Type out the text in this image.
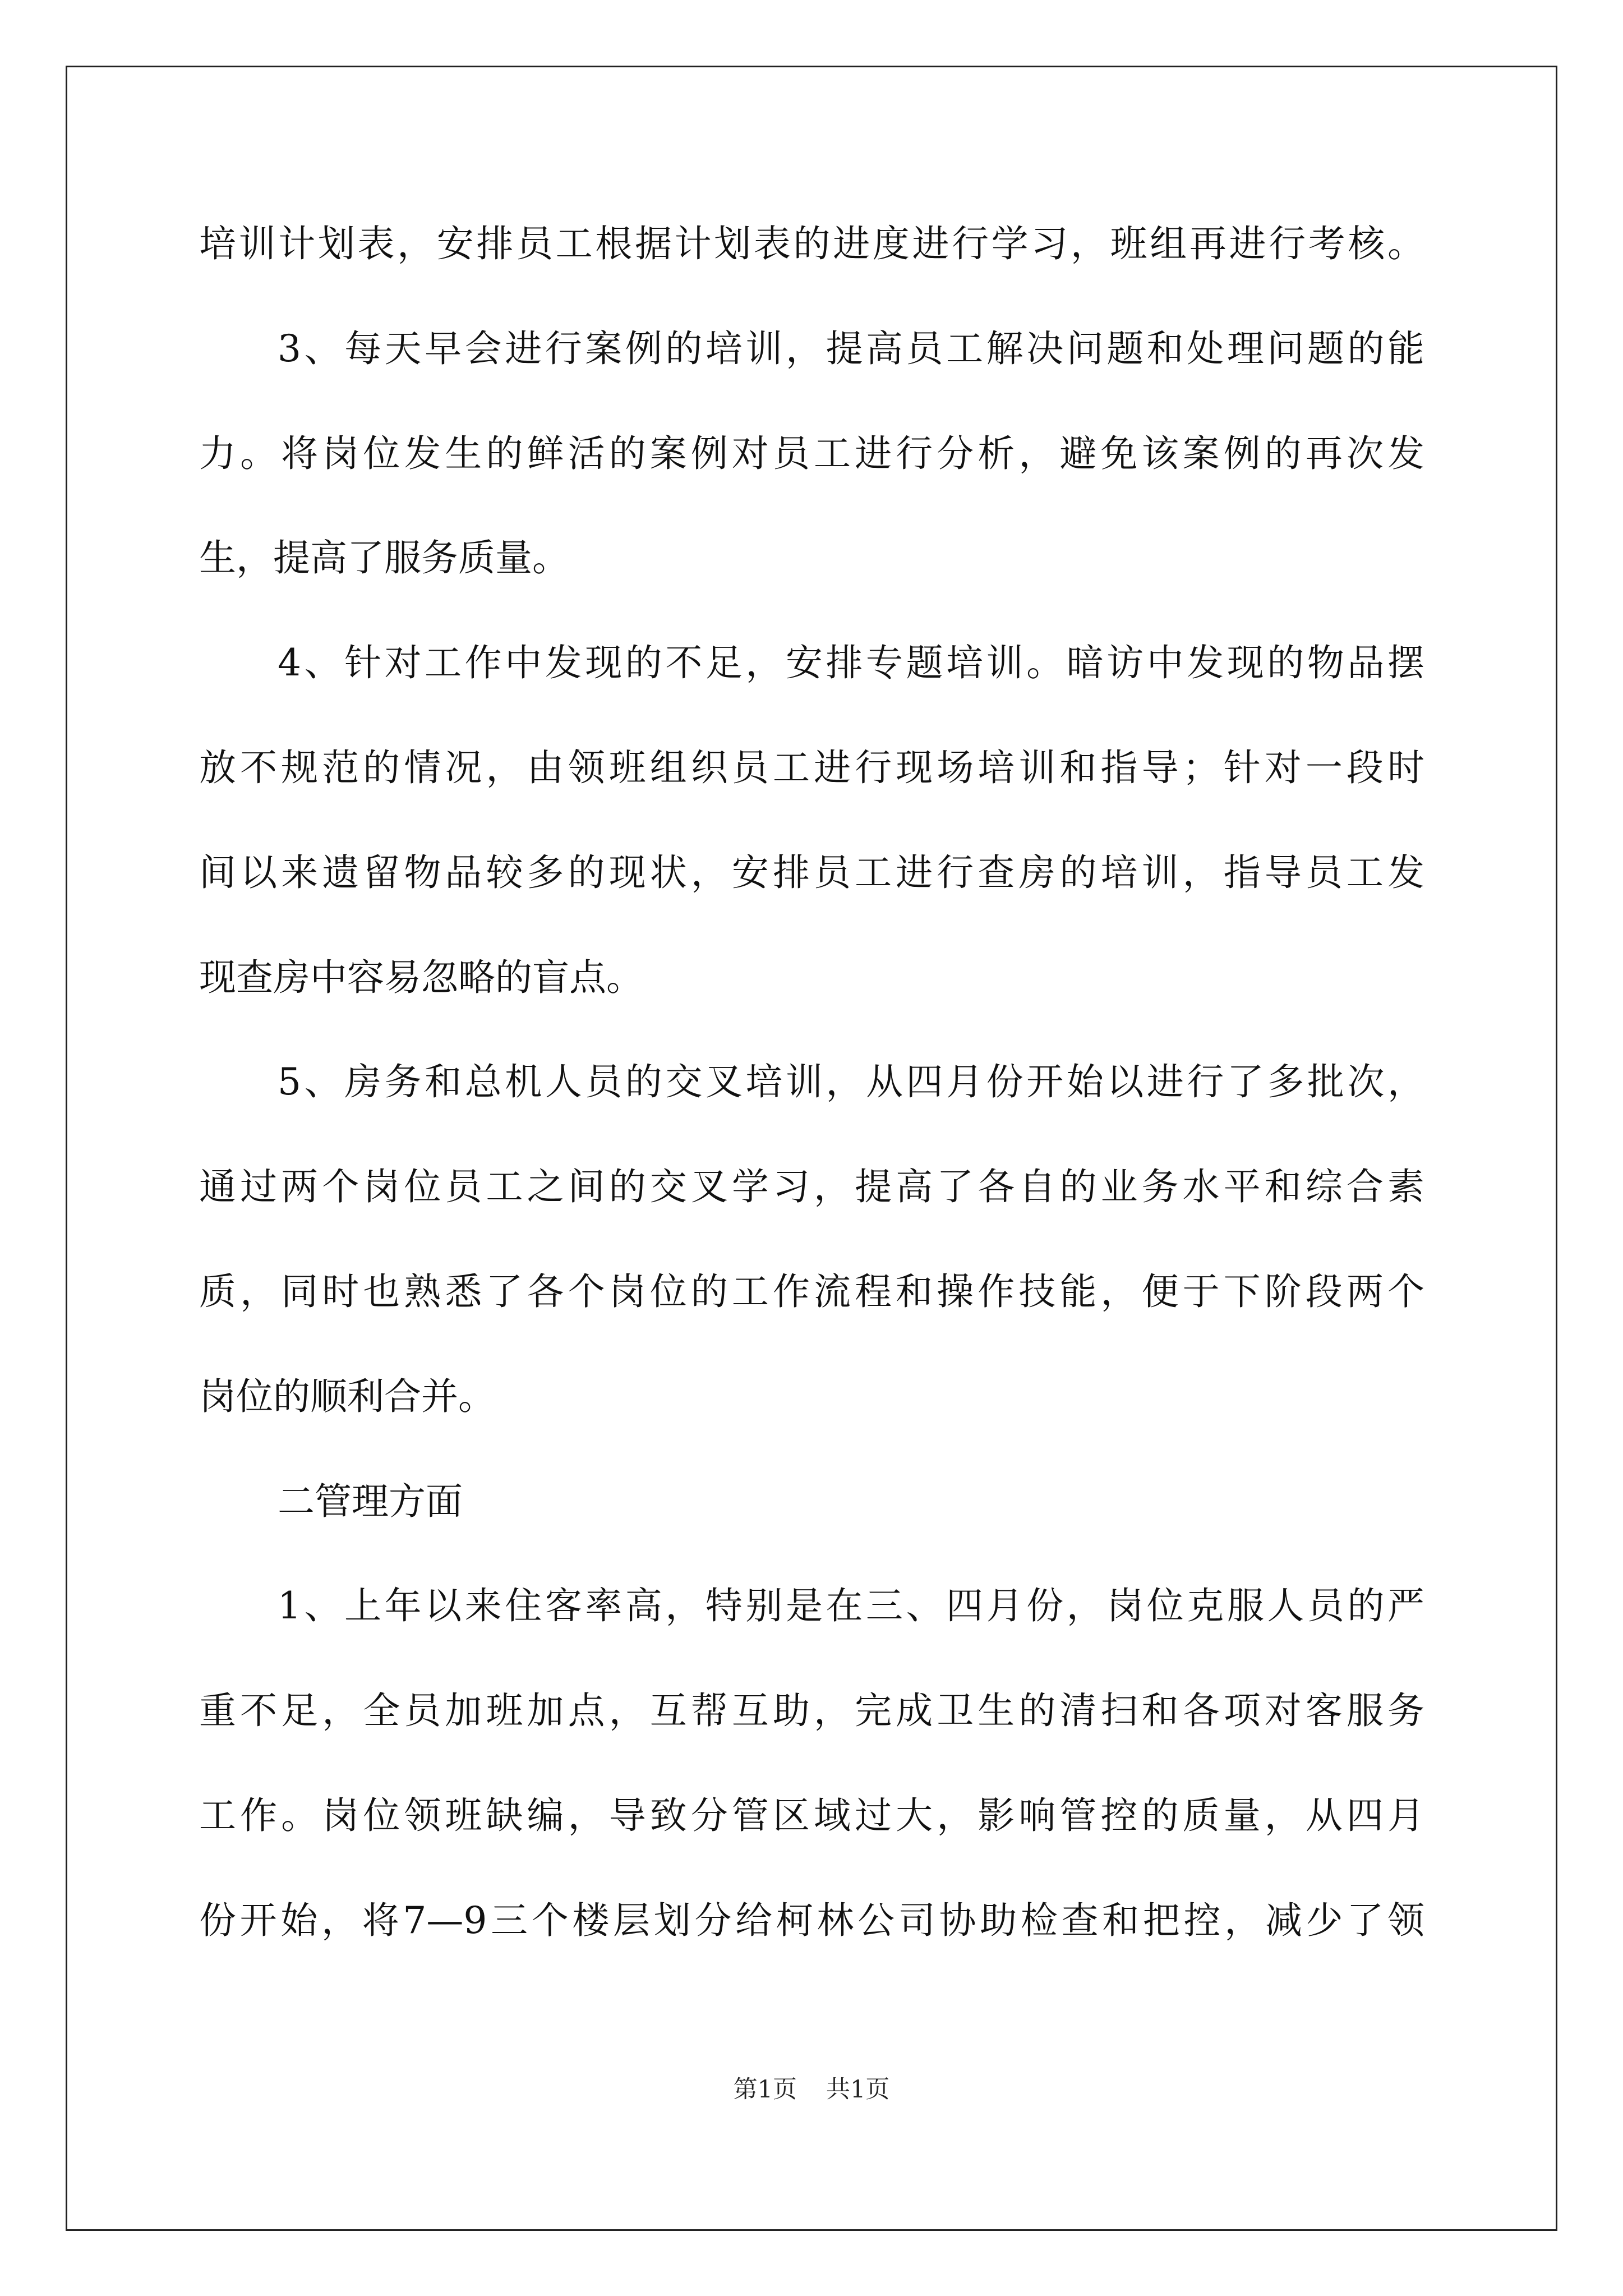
培训计划表，安排员工根据计划表的进度进行学习，班组再进行考核。
3、每天早会进行案例的培训，提高员工解决问题和处理问题的能
力。将岗位发生的鲜活的案例对员工进行分析，避免该案例的再次发
生，提高了服务质量。
4、针对工作中发现的不足，安排专题培训。暗访中发现的物品摆
放不规范的情况，由领班组织员工进行现场培训和指导；针对一段时
间以来遗留物品较多的现状，安排员工进行查房的培训，指导员工发
现查房中容易忽略的盲点。
5、房务和总机人员的交叉培训，从四月份开始以进行了多批次，
通过两个岗位员工之间的交叉学习，提高了各自的业务水平和综合素
质，同时也熟悉了各个岗位的工作流程和操作技能，便于下阶段两个
岗位的顺利合并。
二管理方面
1、上年以来住客率高，特别是在三、四月份，岗位克服人员的严
重不足，全员加班加点，互帮互助，完成卫生的清扫和各项对客服务
工作。岗位领班缺编，导致分管区域过大，影响管控的质量，从四月
份开始，将7—9三个楼层划分给柯林公司协助检查和把控，减少了领
第1页 共1页
